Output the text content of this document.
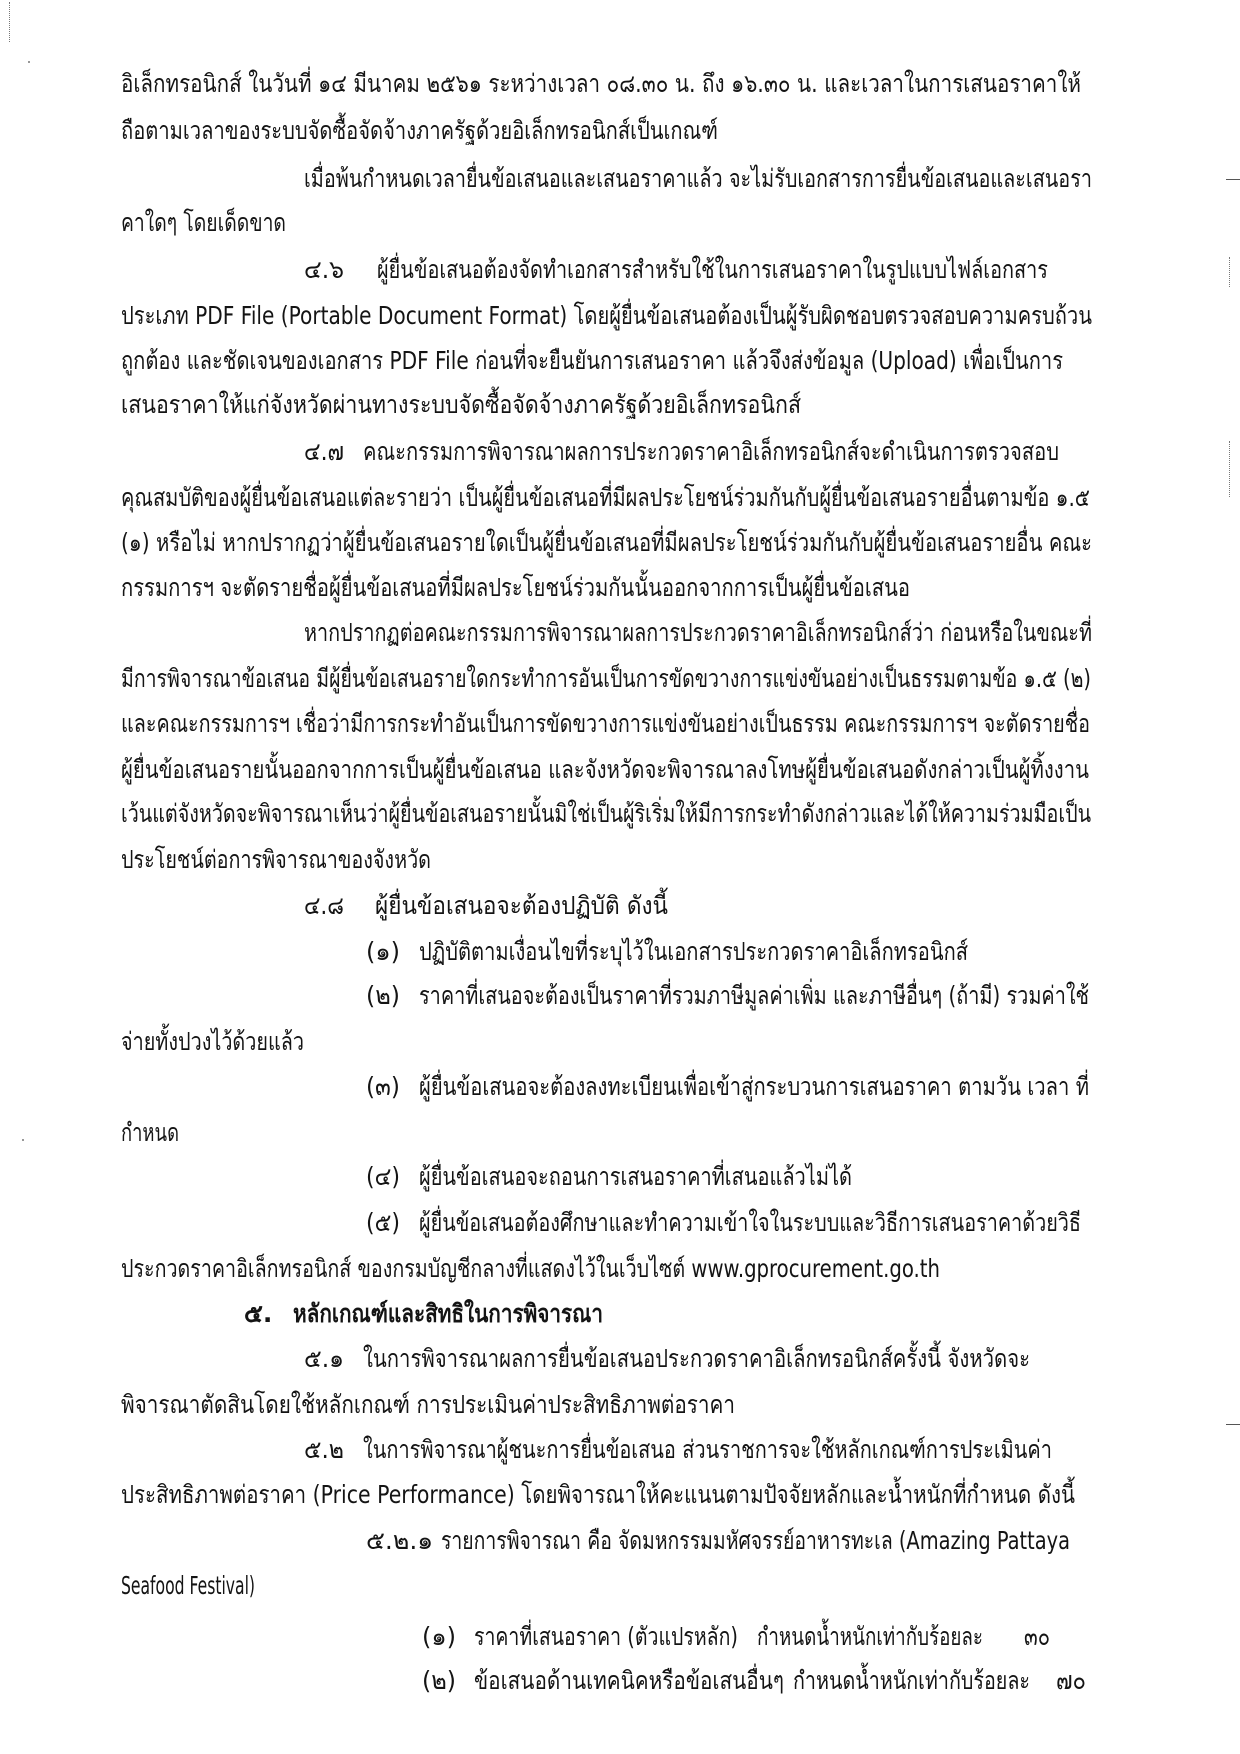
อิเล็กทรอนิกส์ ในวันที่ ๑๔ มีนาคม ๒๕๖๑ ระหว่างเวลา ๐๘.๓๐ น. ถึง ๑๖.๓๐ น. และเวลาในการเสนอราคาให้
ถือตามเวลาของระบบจัดซื้อจัดจ้างภาครัฐด้วยอิเล็กทรอนิกส์เป็นเกณฑ์
เมื่อพ้นกำหนดเวลายื่นข้อเสนอและเสนอราคาแล้ว จะไม่รับเอกสารการยื่นข้อเสนอและเสนอรา
คาใดๆ โดยเด็ดขาด
๔.๖ ผู้ยื่นข้อเสนอต้องจัดทำเอกสารสำหรับใช้ในการเสนอราคาในรูปแบบไฟล์เอกสาร
ประเภท PDF File (Portable Document Format) โดยผู้ยื่นข้อเสนอต้องเป็นผู้รับผิดชอบตรวจสอบความครบถ้วน
ถูกต้อง และชัดเจนของเอกสาร PDF File ก่อนที่จะยืนยันการเสนอราคา แล้วจึงส่งข้อมูล (Upload) เพื่อเป็นการ
เสนอราคาให้แก่จังหวัดผ่านทางระบบจัดซื้อจัดจ้างภาครัฐด้วยอิเล็กทรอนิกส์
๔.๗ คณะกรรมการพิจารณาผลการประกวดราคาอิเล็กทรอนิกส์จะดำเนินการตรวจสอบ
คุณสมบัติของผู้ยื่นข้อเสนอแต่ละรายว่า เป็นผู้ยื่นข้อเสนอที่มีผลประโยชน์ร่วมกันกับผู้ยื่นข้อเสนอรายอื่นตามข้อ ๑.๕
(๑) หรือไม่ หากปรากฏว่าผู้ยื่นข้อเสนอรายใดเป็นผู้ยื่นข้อเสนอที่มีผลประโยชน์ร่วมกันกับผู้ยื่นข้อเสนอรายอื่น คณะ
กรรมการฯ จะตัดรายชื่อผู้ยื่นข้อเสนอที่มีผลประโยชน์ร่วมกันนั้นออกจากการเป็นผู้ยื่นข้อเสนอ
หากปรากฏต่อคณะกรรมการพิจารณาผลการประกวดราคาอิเล็กทรอนิกส์ว่า ก่อนหรือในขณะที่
มีการพิจารณาข้อเสนอ มีผู้ยื่นข้อเสนอรายใดกระทำการอันเป็นการขัดขวางการแข่งขันอย่างเป็นธรรมตามข้อ ๑.๕ (๒)
และคณะกรรมการฯ เชื่อว่ามีการกระทำอันเป็นการขัดขวางการแข่งขันอย่างเป็นธรรม คณะกรรมการฯ จะตัดรายชื่อ
ผู้ยื่นข้อเสนอรายนั้นออกจากการเป็นผู้ยื่นข้อเสนอ และจังหวัดจะพิจารณาลงโทษผู้ยื่นข้อเสนอดังกล่าวเป็นผู้ทิ้งงาน
เว้นแต่จังหวัดจะพิจารณาเห็นว่าผู้ยื่นข้อเสนอรายนั้นมิใช่เป็นผู้ริเริ่มให้มีการกระทำดังกล่าวและได้ให้ความร่วมมือเป็น
ประโยชน์ต่อการพิจารณาของจังหวัด
๔.๘ ผู้ยื่นข้อเสนอจะต้องปฏิบัติ ดังนี้
(๑) ปฏิบัติตามเงื่อนไขที่ระบุไว้ในเอกสารประกวดราคาอิเล็กทรอนิกส์
(๒) ราคาที่เสนอจะต้องเป็นราคาที่รวมภาษีมูลค่าเพิ่ม และภาษีอื่นๆ (ถ้ามี) รวมค่าใช้
จ่ายทั้งปวงไว้ด้วยแล้ว
(๓) ผู้ยื่นข้อเสนอจะต้องลงทะเบียนเพื่อเข้าสู่กระบวนการเสนอราคา ตามวัน เวลา ที่
กำหนด
(๔) ผู้ยื่นข้อเสนอจะถอนการเสนอราคาที่เสนอแล้วไม่ได้
(๕) ผู้ยื่นข้อเสนอต้องศึกษาและทำความเข้าใจในระบบและวิธีการเสนอราคาด้วยวิธี
ประกวดราคาอิเล็กทรอนิกส์ ของกรมบัญชีกลางที่แสดงไว้ในเว็บไซต์ www.gprocurement.go.th
๕. หลักเกณฑ์และสิทธิในการพิจารณา
๕.๑ ในการพิจารณาผลการยื่นข้อเสนอประกวดราคาอิเล็กทรอนิกส์ครั้งนี้ จังหวัดจะ
พิจารณาตัดสินโดยใช้หลักเกณฑ์ การประเมินค่าประสิทธิภาพต่อราคา
๕.๒ ในการพิจารณาผู้ชนะการยื่นข้อเสนอ ส่วนราชการจะใช้หลักเกณฑ์การประเมินค่า
ประสิทธิภาพต่อราคา (Price Performance) โดยพิจารณาให้คะแนนตามปัจจัยหลักและน้ำหนักที่กำหนด ดังนี้
๕.๒.๑ รายการพิจารณา คือ จัดมหกรรมมหัศจรรย์อาหารทะเล (Amazing Pattaya
Seafood Festival)
(๑) ราคาที่เสนอราคา (ตัวแปรหลัก) กำหนดน้ำหนักเท่ากับร้อยละ ๓๐
(๒) ข้อเสนอด้านเทคนิคหรือข้อเสนอื่นๆ กำหนดน้ำหนักเท่ากับร้อยละ ๗๐
